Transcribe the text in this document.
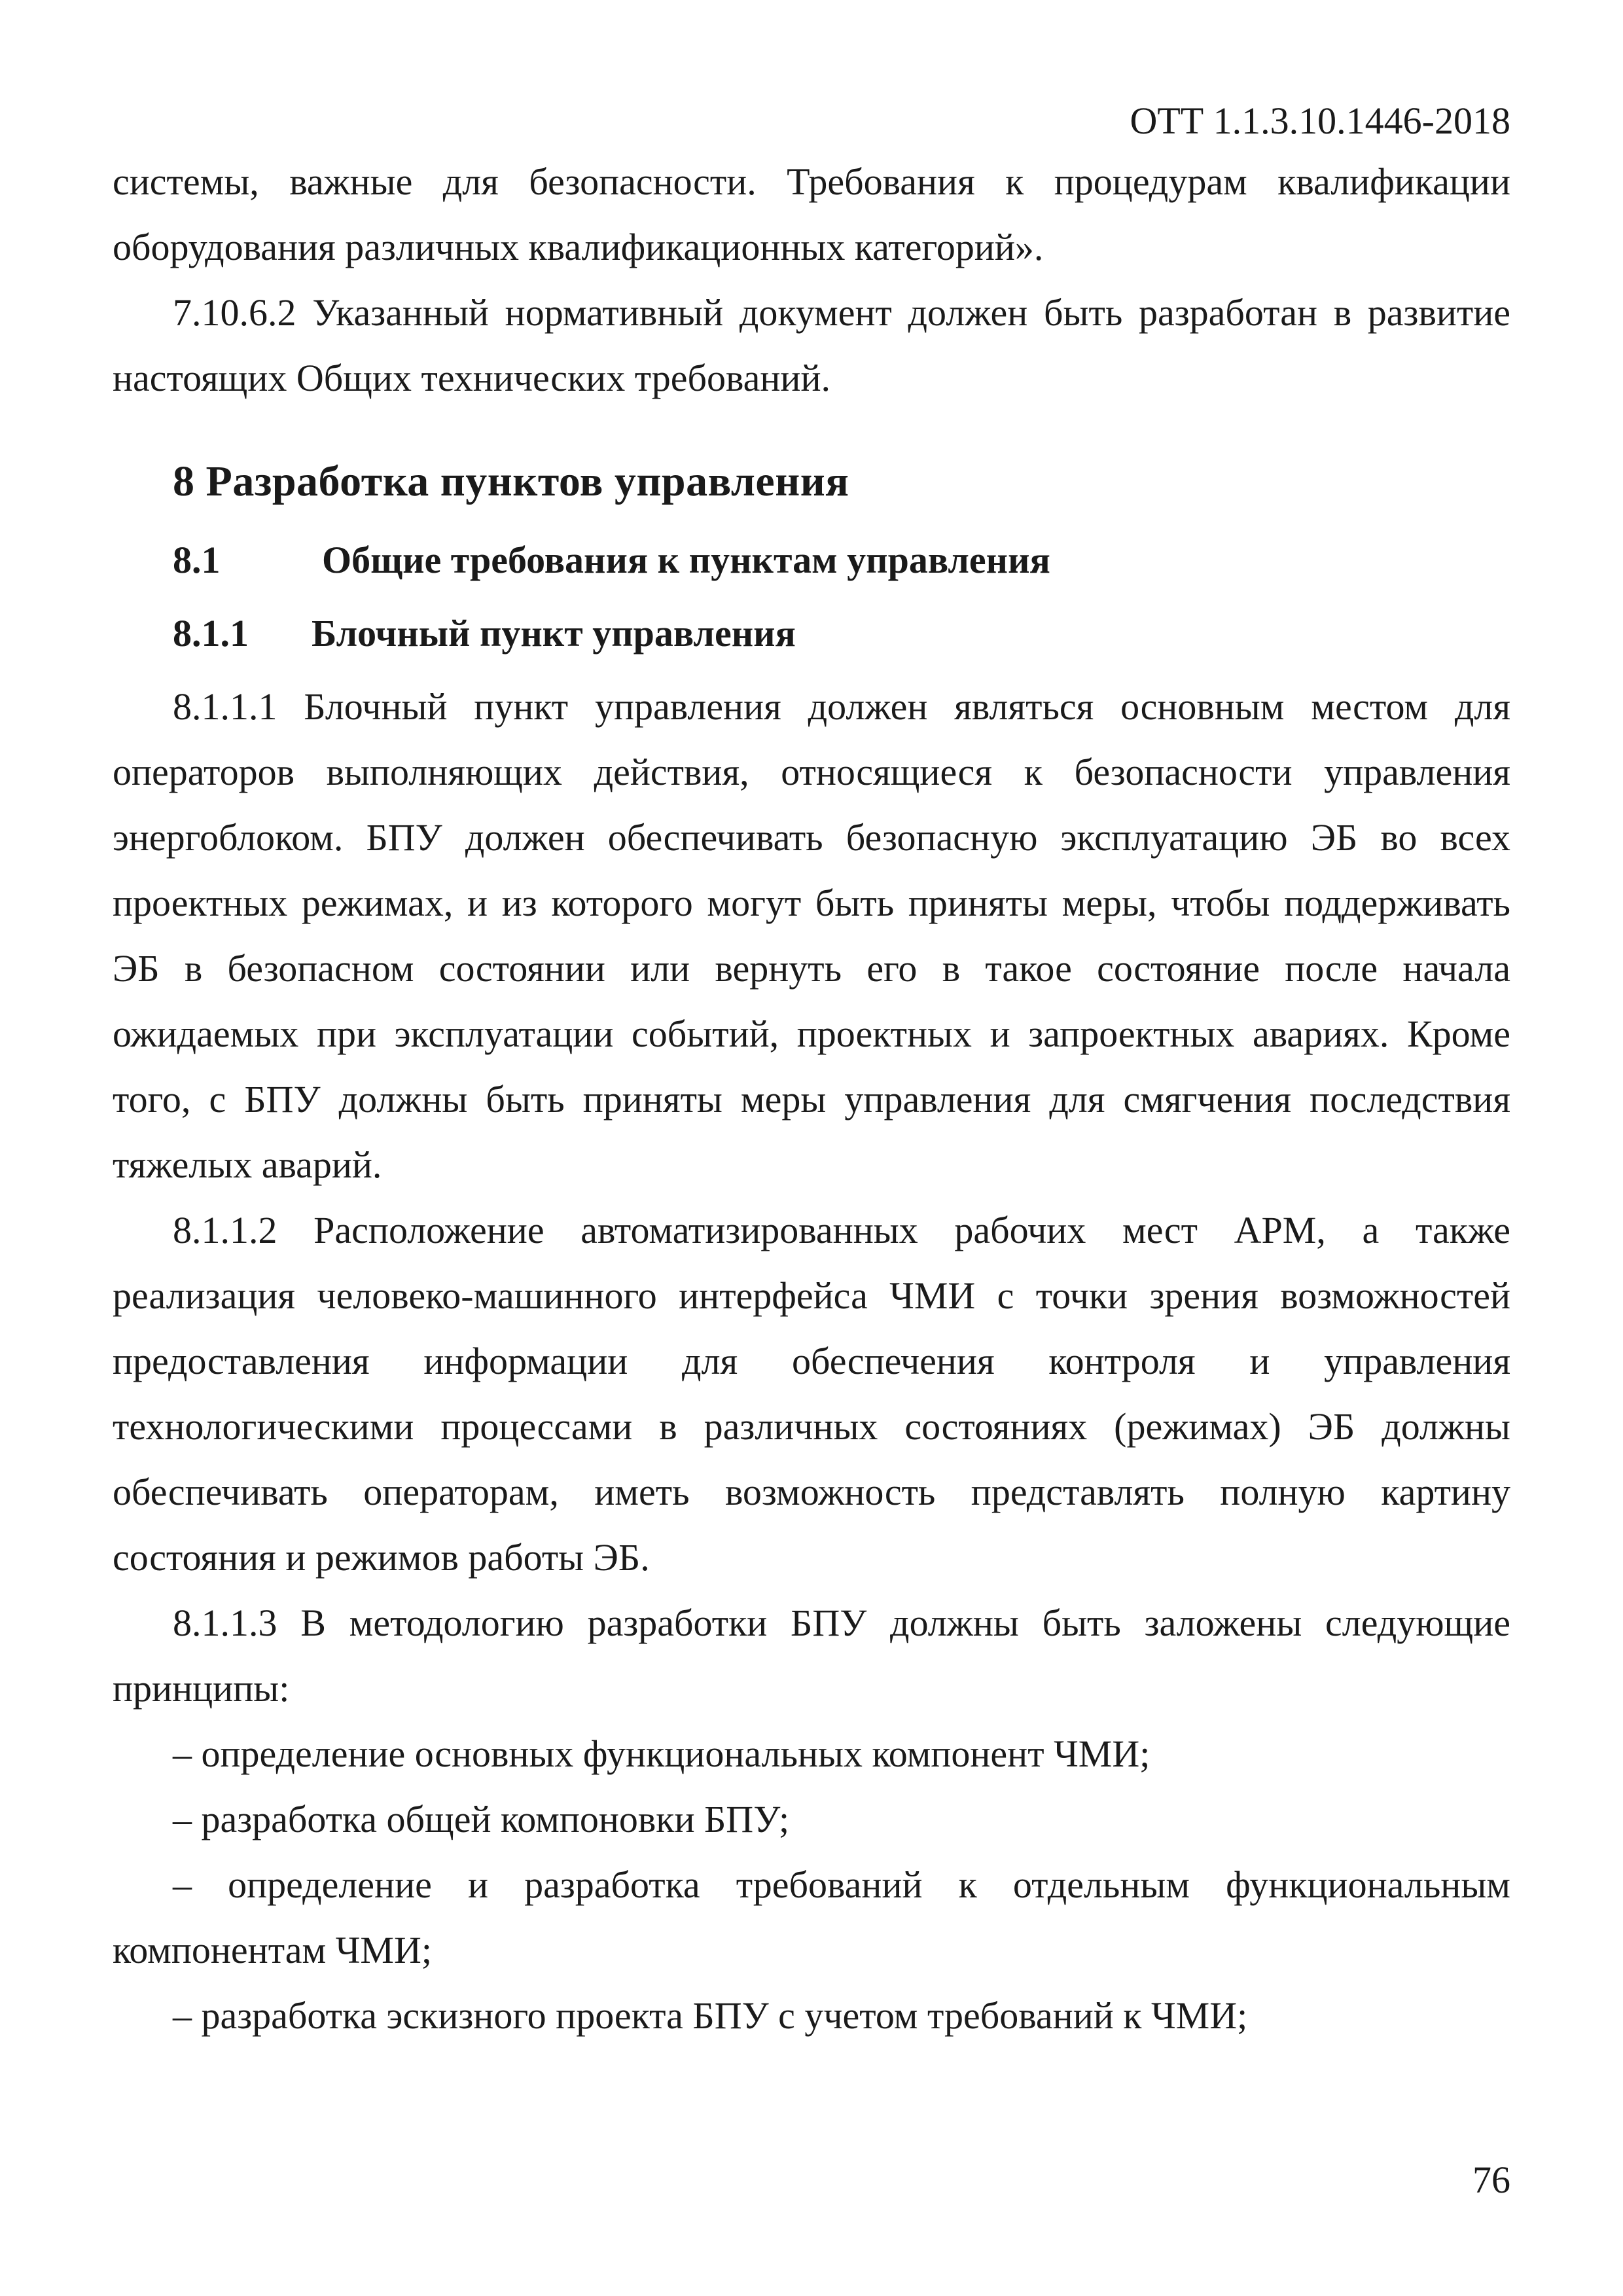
ОТТ 1.1.3.10.1446-2018

системы, важные для безопасности. Требования к процедурам квалификации оборудования различных квалификационных категорий».

7.10.6.2 Указанный нормативный документ должен быть разработан в развитие настоящих Общих технических требований.

8 Разработка пунктов управления
8.1	Общие требования к пунктам управления
8.1.1	Блочный пункт управления

8.1.1.1 Блочный пункт управления должен являться основным местом для операторов выполняющих действия, относящиеся к безопасности управления энергоблоком. БПУ должен обеспечивать безопасную эксплуатацию ЭБ во всех проектных режимах, и из которого могут быть приняты меры, чтобы поддерживать ЭБ в безопасном состоянии или вернуть его в такое состояние после начала ожидаемых при эксплуатации событий, проектных и запроектных авариях. Кроме того, с БПУ должны быть приняты меры управления для смягчения последствия тяжелых аварий.

8.1.1.2 Расположение автоматизированных рабочих мест АРМ, а также реализация человеко-машинного интерфейса ЧМИ с точки зрения возможностей предоставления информации для обеспечения контроля и управления технологическими процессами в различных состояниях (режимах) ЭБ должны обеспечивать операторам, иметь возможность представлять полную картину состояния и режимов работы ЭБ.

8.1.1.3 В методологию разработки БПУ должны быть заложены следующие принципы:

– определение основных функциональных компонент ЧМИ;

– разработка общей компоновки БПУ;

– определение и разработка требований к отдельным функциональным компонентам ЧМИ;

– разработка эскизного проекта БПУ с учетом требований к ЧМИ;

76
